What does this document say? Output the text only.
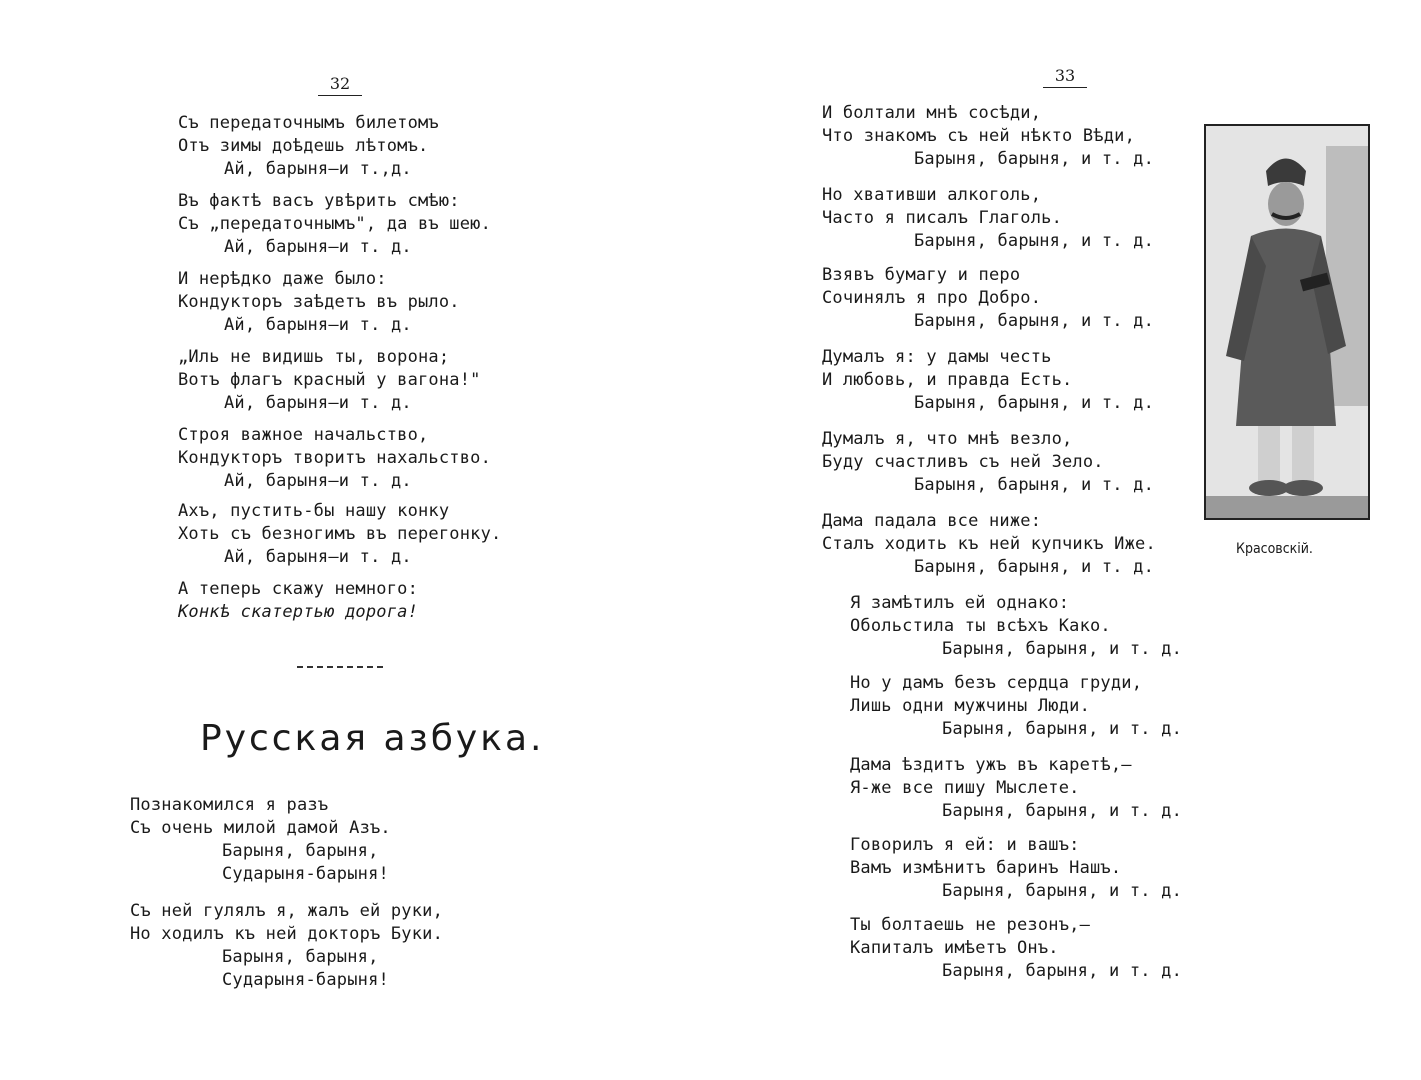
32
Съ передаточнымъ билетомъ
Отъ зимы доѣдешь лѣтомъ.
Ай, барыня—и т.,д.
Въ фактѣ васъ увѣрить смѣю:
Съ „передаточнымъ", да въ шею.
Ай, барыня—и т. д.
И нерѣдко даже было:
Кондукторъ заѣдетъ въ рыло.
Ай, барыня—и т. д.
„Иль не видишь ты, ворона;
Вотъ флагъ красный у вагона!"
Ай, барыня—и т. д.
Строя важное начальство,
Кондукторъ творитъ нахальство.
Ай, барыня—и т. д.
Ахъ, пустить-бы нашу конку
Хоть съ безногимъ въ перегонку.
Ай, барыня—и т. д.
А теперь скажу немного:
Конкѣ скатертью дорога!
Русская азбука.
Познакомился я разъ
Съ очень милой дамой Азъ.
Барыня, барыня,
Сударыня-барыня!
Съ ней гулялъ я, жалъ ей руки,
Но ходилъ къ ней докторъ Буки.
Барыня, барыня,
Сударыня-барыня!
33
И болтали мнѣ сосѣди,
Что знакомъ съ ней нѣкто Вѣди,
Барыня, барыня, и т. д.
Но хвативши алкоголь,
Часто я писалъ Глаголь.
Барыня, барыня, и т. д.
Взявъ бумагу и перо
Сочинялъ я про Добро.
Барыня, барыня, и т. д.
Думалъ я: у дамы честь
И любовь, и правда Есть.
Барыня, барыня, и т. д.
Думалъ я, что мнѣ везло,
Буду счастливъ съ ней Зело.
Барыня, барыня, и т. д.
Дама падала все ниже:
Сталъ ходить къ ней купчикъ Иже.
Барыня, барыня, и т. д.
Я замѣтилъ ей однако:
Обольстила ты всѣхъ Како.
Барыня, барыня, и т. д.
Но у дамъ безъ сердца груди,
Лишь одни мужчины Люди.
Барыня, барыня, и т. д.
Дама ѣздитъ ужъ въ каретѣ,—
Я-же все пишу Мыслете.
Барыня, барыня, и т. д.
Говорилъ я ей: и вашъ:
Вамъ измѣнитъ баринъ Нашъ.
Барыня, барыня, и т. д.
Ты болтаешь не резонъ,—
Капиталъ имѣетъ Онъ.
Барыня, барыня, и т. д.
Красовскій.
